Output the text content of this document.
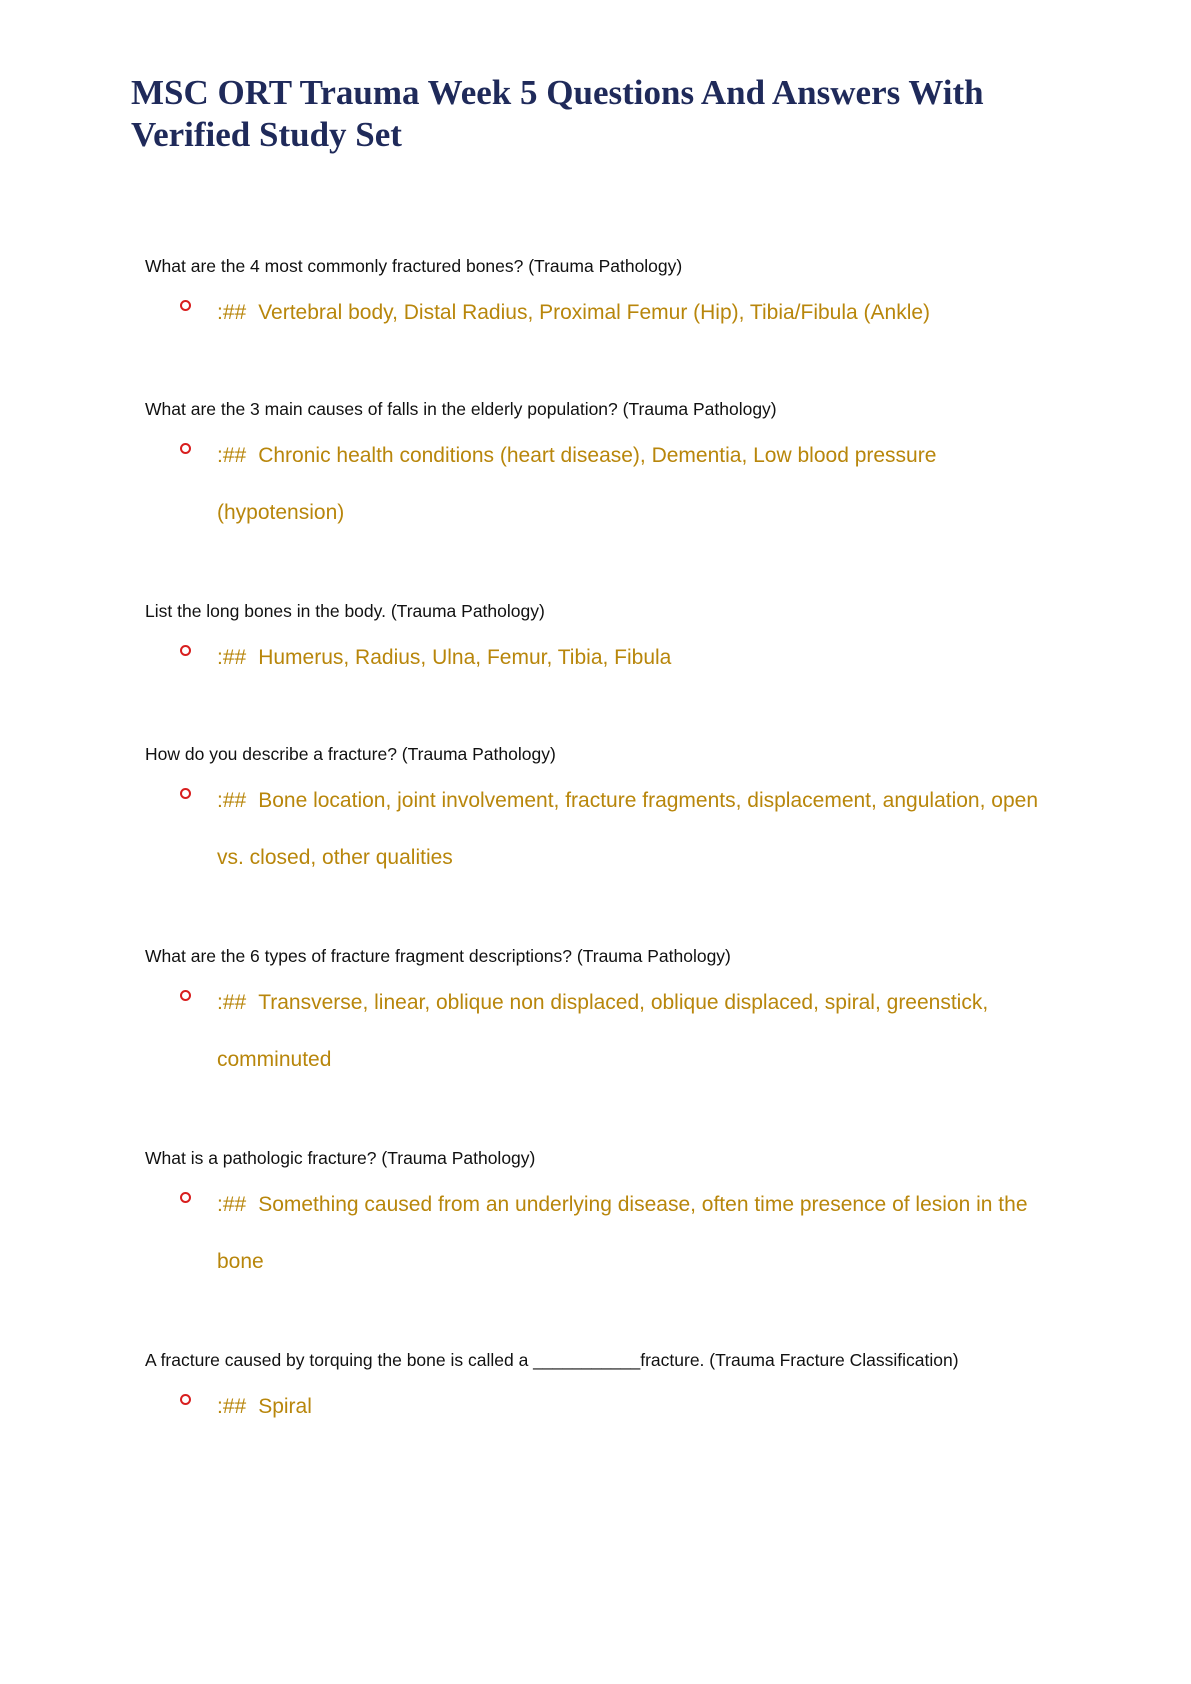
MSC ORT Trauma Week 5 Questions And Answers With Verified Study Set

What are the 4 most commonly fractured bones? (Trauma Pathology)

:## Vertebral body, Distal Radius, Proximal Femur (Hip), Tibia/Fibula (Ankle)

What are the 3 main causes of falls in the elderly population? (Trauma Pathology)

:## Chronic health conditions (heart disease), Dementia, Low blood pressure (hypotension)

List the long bones in the body. (Trauma Pathology)

:## Humerus, Radius, Ulna, Femur, Tibia, Fibula

How do you describe a fracture? (Trauma Pathology)

:## Bone location, joint involvement, fracture fragments, displacement, angulation, open vs. closed, other qualities

What are the 6 types of fracture fragment descriptions? (Trauma Pathology)

:## Transverse, linear, oblique non displaced, oblique displaced, spiral, greenstick, comminuted

What is a pathologic fracture? (Trauma Pathology)

:## Something caused from an underlying disease, often time presence of lesion in the bone

A fracture caused by torquing the bone is called a ___________fracture. (Trauma Fracture Classification)

:## Spiral
